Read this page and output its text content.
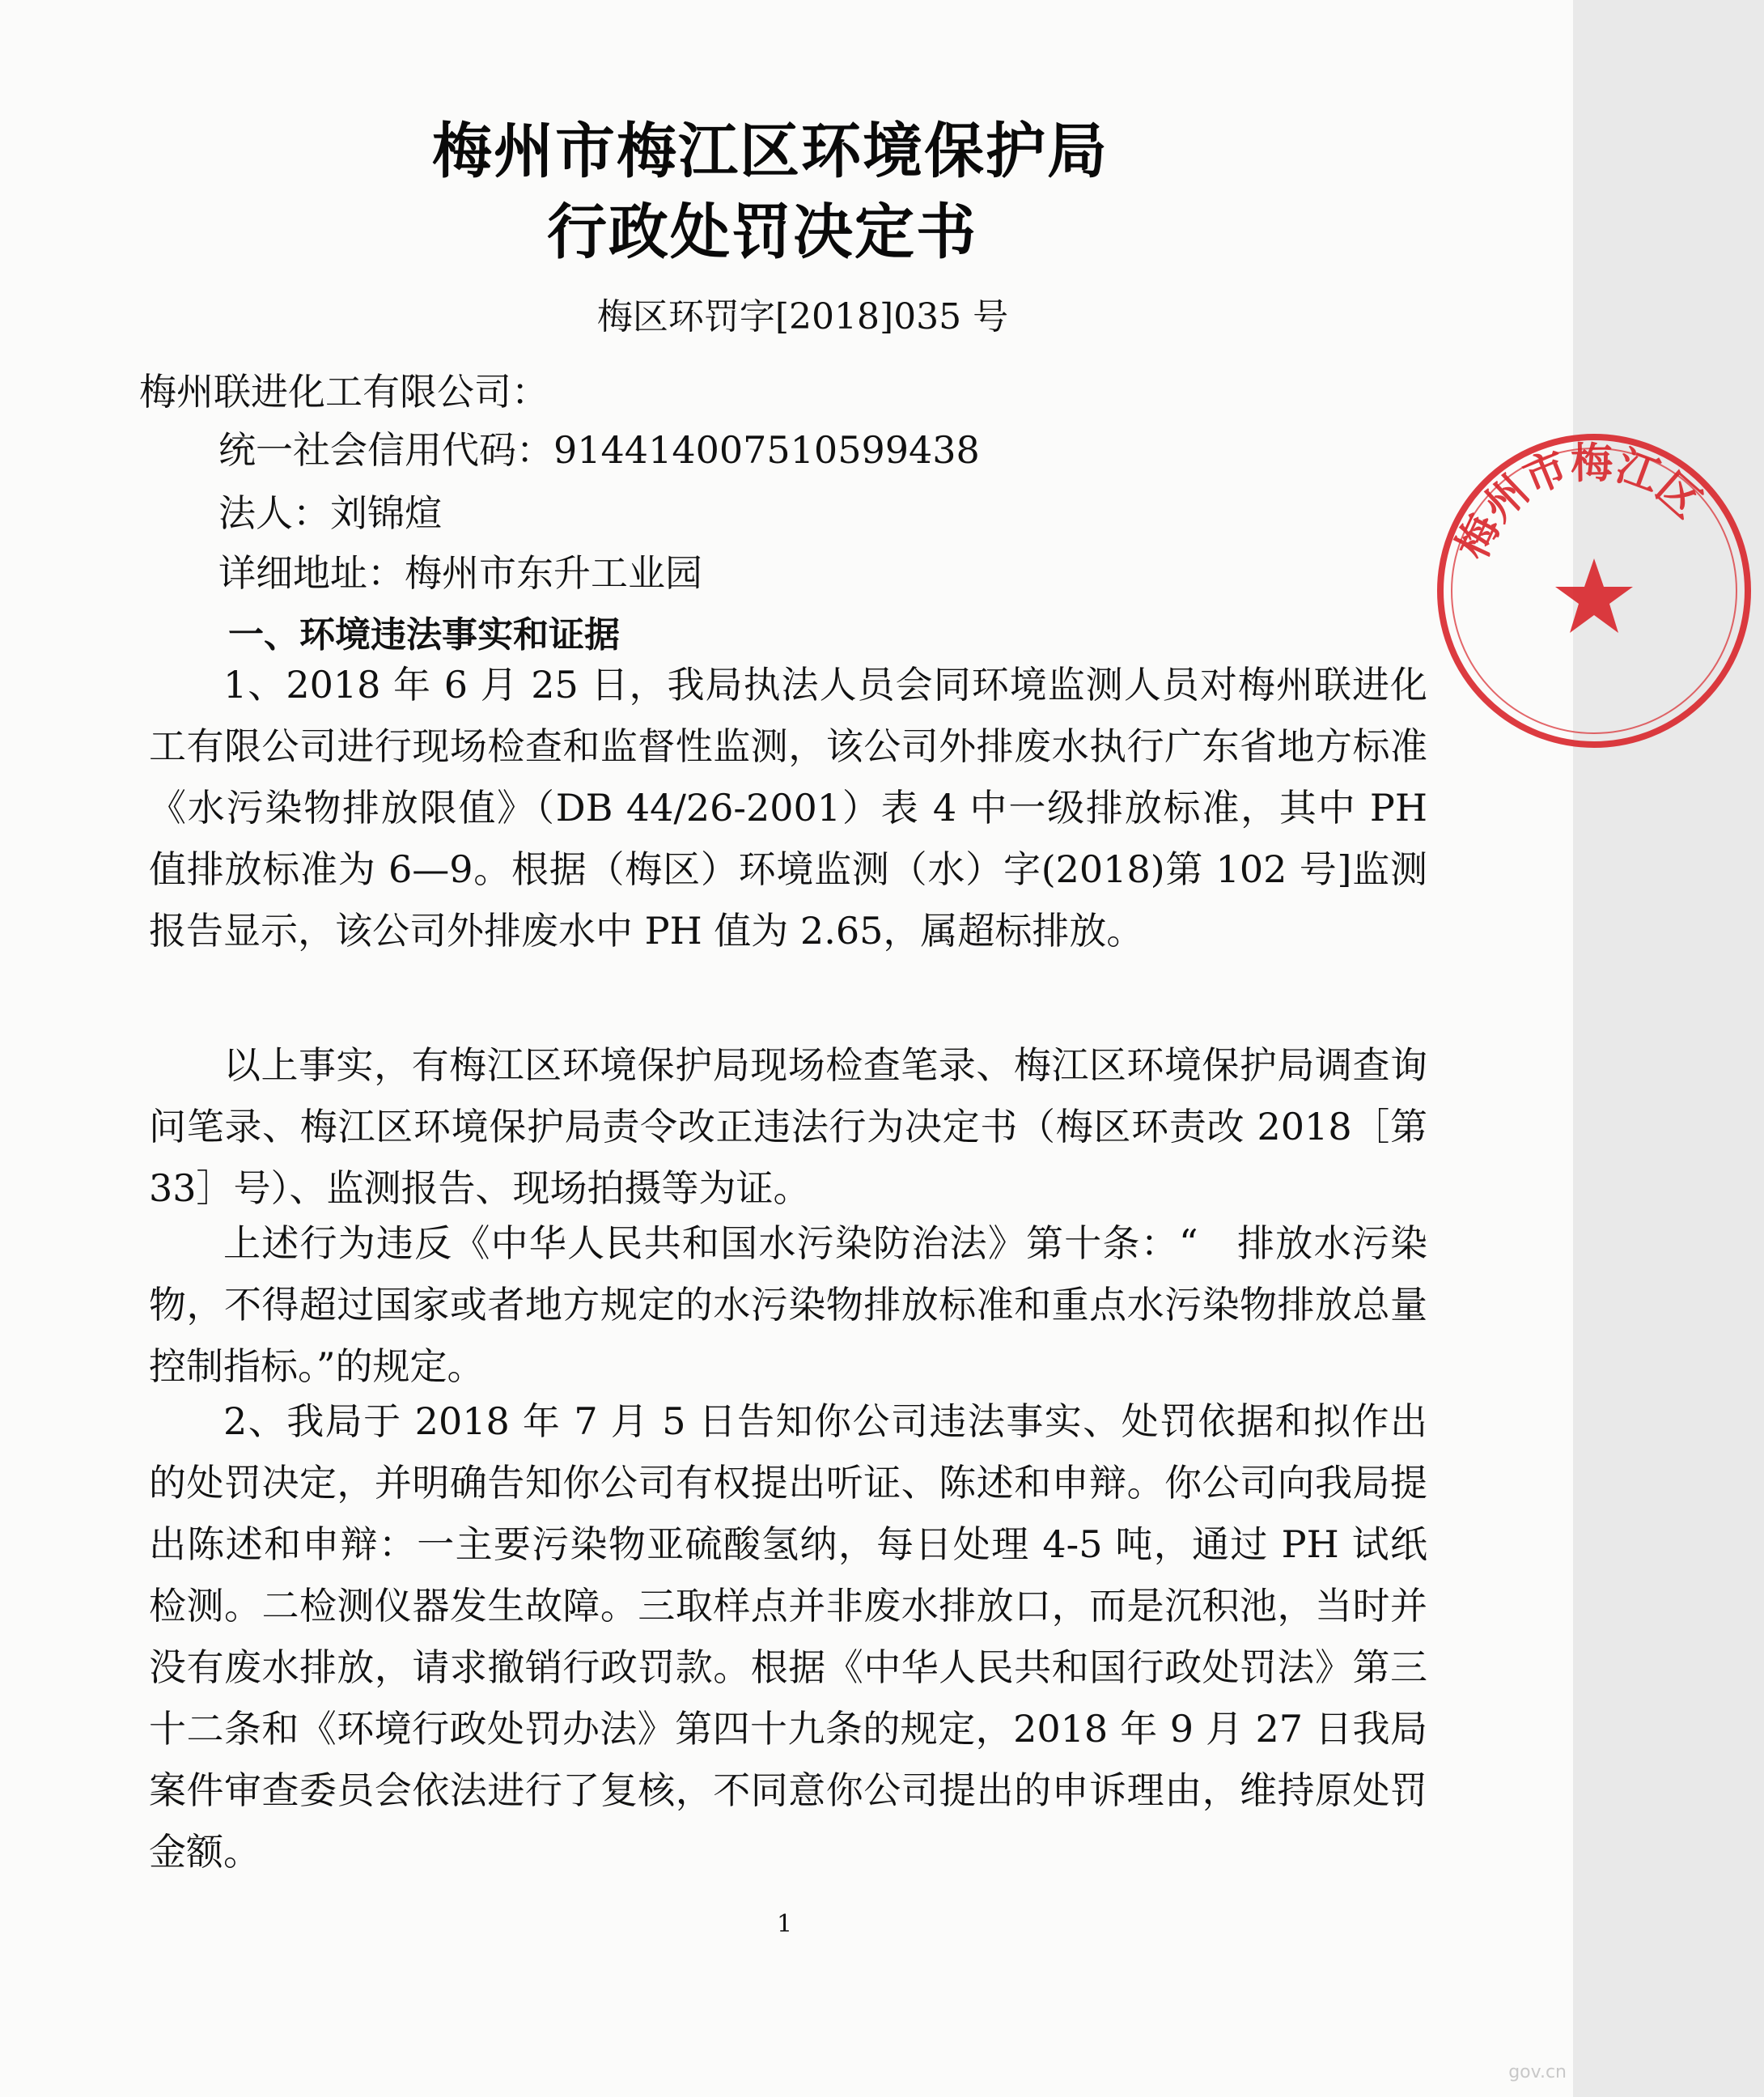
梅州市梅江区环境保护局
行政处罚决定书

梅区环罚字[2018]035 号

梅州联进化工有限公司：

统一社会信用代码：91441400751059943​8

法人：刘锦煊

详细地址：梅州市东升工业园

一、环境违法事实和证据

1、2018 年 6 月 25 日，我局执法人员会同环境监测人员对梅州联进化工有限公司进行现场检查和监督性监测，该公司外排废水执行广东省地方标准《水污染物排放限值》（DB 44/26-2001）表 4 中一级排放标准，其中 PH 值排放标准为 6—9。根据（梅区）环境监测（水）字(2018)第 102 号]监测报告显示，该公司外排废水中 PH 值为 2.65，属超标排放。

以上事实，有梅江区环境保护局现场检查笔录、梅江区环境保护局调查询问笔录、梅江区环境保护局责令改正违法行为决定书（梅区环责改 2018［第 33］号）、监测报告、现场拍摄等为证。

上述行为违反《中华人民共和国水污染防治法》第十条：“　排放水污染物，不得超过国家或者地方规定的水污染物排放标准和重点水污染物排放总量控制指标。”的规定。

2、我局于 2018 年 7 月 5 日告知你公司违法事实、处罚依据和拟作出的处罚决定，并明确告知你公司有权提出听证、陈述和申辩。你公司向我局提出陈述和申辩：一主要污染物亚硫酸氢纳，每日处理 4-5 吨，通过 PH 试纸检测。二检测仪器发生故障。三取样点并非废水排放口，而是沉积池，当时并没有废水排放，请求撤销行政罚款。根据《中华人民共和国行政处罚法》第三十二条和《环境行政处罚办法》第四十九条的规定，2018 年 9 月 27 日我局案件审查委员会依法进行了复核，不同意你公司提出的申诉理由，维持原处罚金额。

1

gov.cn

梅州市梅江区
